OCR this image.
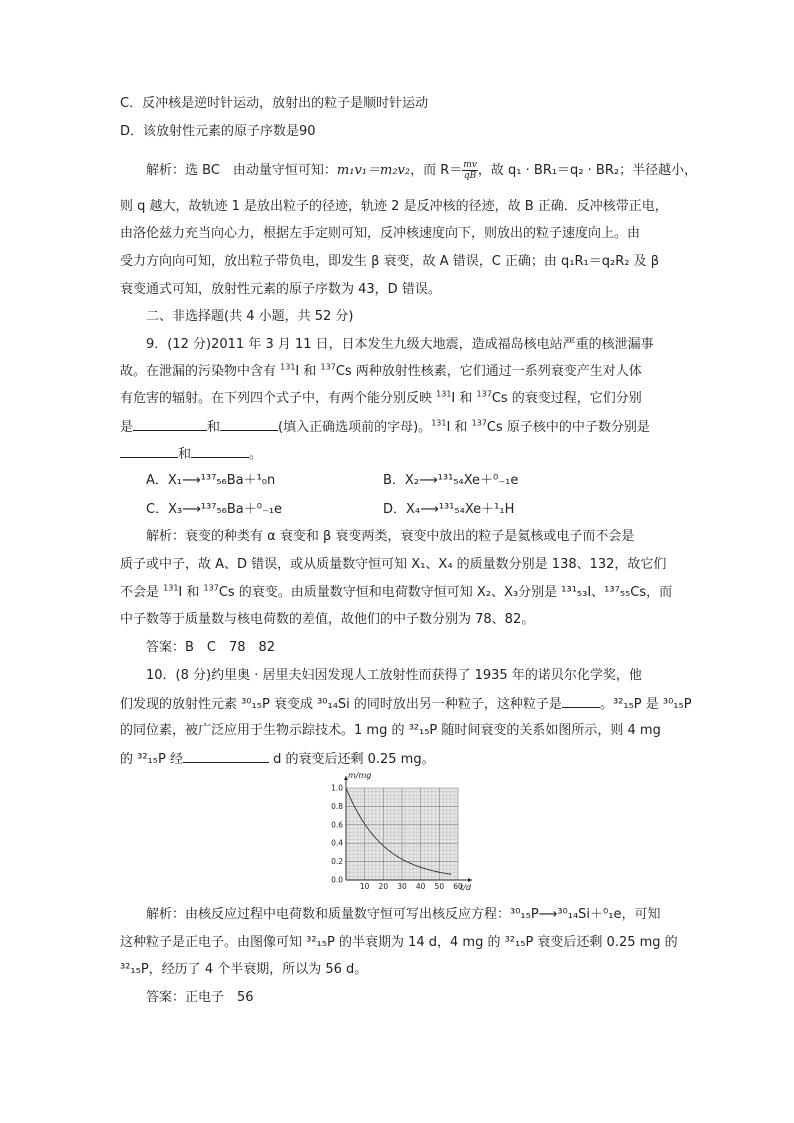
C．反冲核是逆时针运动，放射出的粒子是顺时针运动
D．该放射性元素的原子序数是90
解析：选 BC　由动量守恒可知：m₁v₁＝m₂v₂，而 $R= \frac{mv}{qB}$ ，故 q₁ · BR₁＝q₂ · BR₂；半径越小，
则 q 越大，故轨迹 1 是放出粒子的径迹，轨迹 2 是反冲核的径迹，故 B 正确．反冲核带正电，
由洛伦兹力充当向心力，根据左手定则可知，反冲核速度向下，则放出的粒子速度向上。由
受力方向向可知，放出粒子带负电，即发生 β 衰变，故 A 错误，C 正确；由 q₁R₁＝q₂R₂ 及 β
衰变通式可知，放射性元素的原子序数为 43，D 错误。
二、非选择题(共 4 小题，共 52 分)
9．(12 分)2011 年 3 月 11 日，日本发生九级大地震，造成福岛核电站严重的核泄漏事
故。在泄漏的污染物中含有 $^{131}$I 和 $^{137}$Cs 两种放射性核素，它们通过一系列衰变产生对人体
有危害的辐射。在下列四个式子中，有两个能分别反映 $^{131}$I 和 $^{137}$Cs 的衰变过程，它们分别
是	和	(填入正确选项前的字母)。$^{131}$I 和 $^{137}$Cs 原子核中的中子数分别是
和	。
A．X₁⟶¹³⁷₅₆Ba＋¹₀n	B．X₂⟶¹³¹₅₄Xe＋⁰₋₁e
C．X₃⟶¹³⁷₅₆Ba＋⁰₋₁e	D．X₄⟶¹³¹₅₄Xe＋¹₁H
解析：衰变的种类有 α 衰变和 β 衰变两类，衰变中放出的粒子是氦核或电子而不会是
质子或中子，故 A、D 错误，或从质量数守恒可知 X₁、X₄ 的质量数分别是 138、132，故它们
不会是 $^{131}$I 和 $^{137}$Cs 的衰变。由质量数守恒和电荷数守恒可知 X₂、X₃分别是 ¹³¹₅₃I、¹³⁷₅₅Cs，而
中子数等于质量数与核电荷数的差值，故他们的中子数分别为 78、82。
答案：B　C　78　82
10．(8 分)约里奥 · 居里夫妇因发现人工放射性而获得了 1935 年的诺贝尔化学奖，他
们发现的放射性元素 ³⁰₁₅P 衰变成 ³⁰₁₄Si 的同时放出另一种粒子，这种粒子是	。³²₁₅P 是 ³⁰₁₅P
的同位素，被广泛应用于生物示踪技术。1 mg 的 ³²₁₅P 随时间衰变的关系如图所示，则 4 mg
的 ³²₁₅P 经	d 的衰变后还剩 0.25 mg。
10 20 30 40 50 60
1.0
0.8
0.6
0.4
0.2
0.0
m/mg
t/d
解析：由核反应过程中电荷数和质量数守恒可写出核反应方程：³⁰₁₅P⟶³⁰₁₄Si＋⁰₁e，可知
这种粒子是正电子。由图像可知 ³²₁₅P 的半衰期为 14 d，4 mg 的 ³²₁₅P 衰变后还剩 0.25 mg 的
³²₁₅P，经历了 4 个半衰期，所以为 56 d。
答案：正电子　56
